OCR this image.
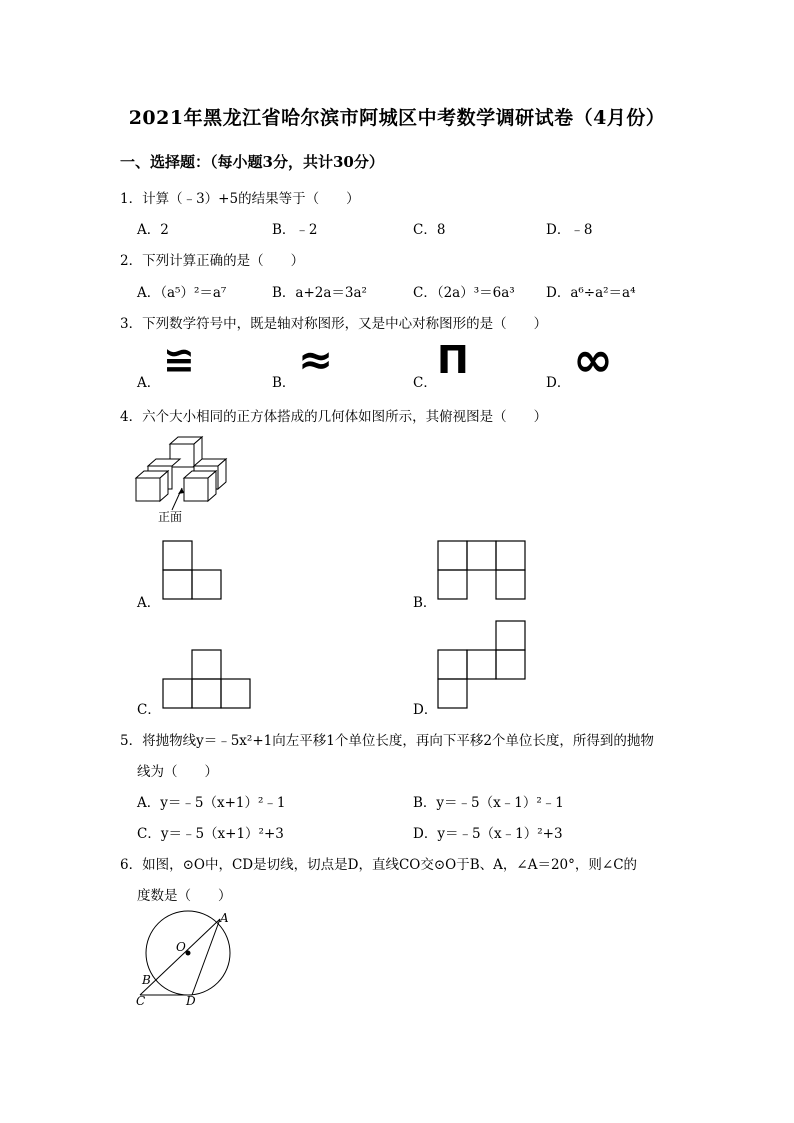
2021年黑龙江省哈尔滨市阿城区中考数学调研试卷（4月份）
一、选择题：（每小题3分，共计30分）
1．计算（﹣3）+5的结果等于（　　）
A．2	B．﹣2	C．8	D．﹣8
2．下列计算正确的是（　　）
A．（a⁵）²＝a⁷	B．a+2a＝3a²	C．（2a）³＝6a³ D．a⁶÷a²＝a⁴
3．下列数学符号中，既是轴对称图形，又是中心对称图形的是（　　）
A．
≌
B． ≈	C．
Π
D． ∞
4．六个大小相同的正方体搭成的几何体如图所示，其俯视图是（　　）
正面
A．	B．
C．	D．
5．将抛物线y＝﹣5x²+1向左平移1个单位长度，再向下平移2个单位长度，所得到的抛物
线为（　　）
A．y＝﹣5（x+1）²﹣1	B．y＝﹣5（x﹣1）²﹣1
C．y＝﹣5（x+1）²+3	D．y＝﹣5（x﹣1）²+3
6．如图，⊙O中，CD是切线，切点是D，直线CO交⊙O于B、A，∠A＝20°，则∠C的
度数是（　　）
O
A
B
C	D
